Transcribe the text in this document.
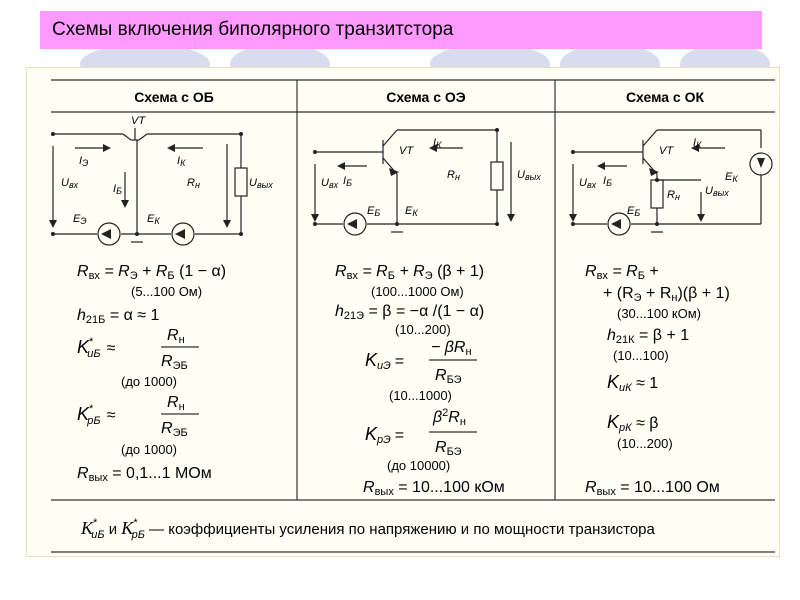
Схемы включения биполярного транзитстора
Схема с ОБ	Схема с ОЭ	Схема с ОК
VT
IЭ	IК
IБ
Uвх	Rн	Uвых
EЭ	EК
VT
IБ
IК
Uвх
Rн	Uвых
EБ EК
VT
IБ
IК
Uвх
Rн Uвых
EБ
EК
Rвх = RЭ + RБ (1 − α)
(5...100 Ом)
h21Б = α ≈ 1
K* uБ ≈
Rн
RЭБ
(до 1000)
K* pБ ≈
Rн
RЭБ
(до 1000)
Rвых = 0,1...1 МОм
Rвх = RБ + RЭ (β + 1)
(100...1000 Ом)
h21Э = β = −α /(1 − α)
(10...200)
KuЭ =
− βRн
RБЭ
(10...1000)
KpЭ =
$\beta^2Rн$
RБЭ
(до 10000)
Rвых = 10...100 кОм
Rвх = RБ +
+ (RЭ + Rн)(β + 1)
(30...100 кОм)
h21К = β + 1
(10...100)
KuК ≈ 1
KpК ≈ β
(10...200)
Rвых = 10...100 Ом
K* uБ и K* pБ — коэффициенты усиления по напряжению и по мощности транзистора
